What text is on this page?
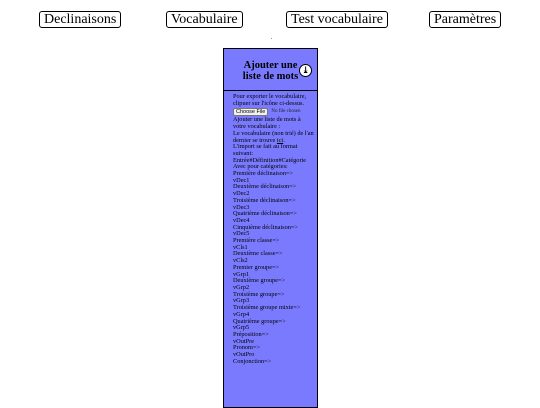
Declinaisons	Vocabulaire	Test vocabulaire	Paramètres
Ajouter une liste de mots
⤓

Pour exporter le vocabulaire, clipuer sur l'icône ci-dessus.

Choose File	No file chosen

Ajouter une liste de mots à votre vocabulaire :

Le vocabulaire (non trié) de l'an dernier se trouve ici.

L'import se fait au format suivant:

Entrée#Définition#Catégorie

Avec pour catégories:

Première déclinaison=>

vDec1

Deuxième déclinaison=>

vDec2

Troisième déclinaison=>

vDec3

Quatrième déclinaison=>

vDec4

Cinquième déclinaison=>

vDec5

Première classe=>

vCls1

Deuxième classe=>

vCls2

Premier groupe=>

vGrp1

Deuxième groupe=>

vGrp2

Troisième groupe=>

vGrp3

Troisième groupe mixte=>

vGrp4

Quatrième groupe=>

vGrp5

Préposition=>

vOutPre

Pronom=>

vOutPro

Conjonction=>
